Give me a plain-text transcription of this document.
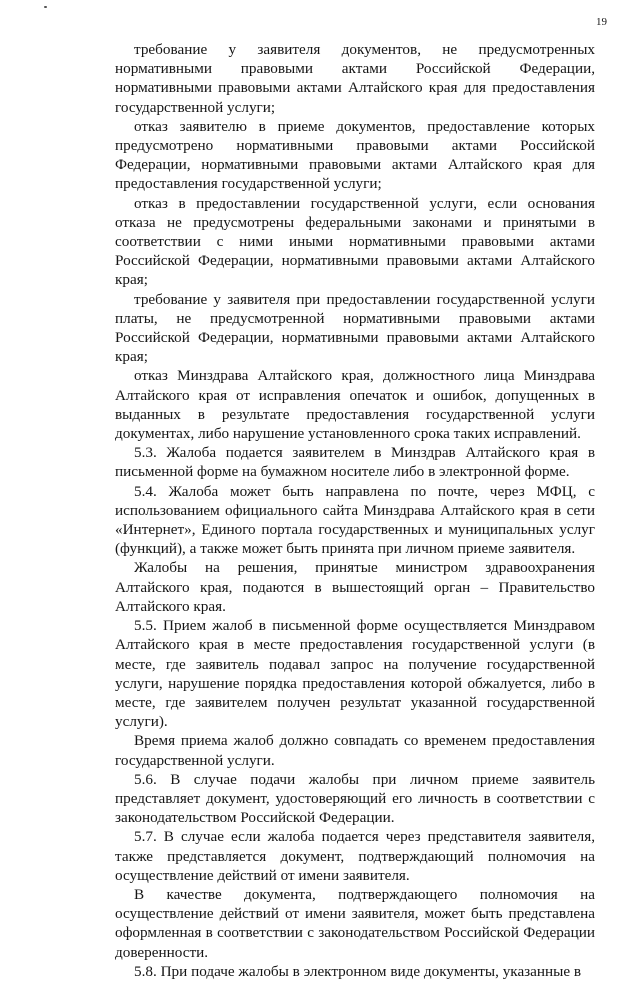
19

требование у заявителя документов, не предусмотренных нормативными правовыми актами Российской Федерации, нормативными правовыми актами Алтайского края для предоставления государственной услуги;

отказ заявителю в приеме документов, предоставление которых предусмотрено нормативными правовыми актами Российской Федерации, нормативными правовыми актами Алтайского края для предоставления государственной услуги;

отказ в предоставлении государственной услуги, если основания отказа не предусмотрены федеральными законами и принятыми в соответствии с ними иными нормативными правовыми актами Российской Федерации, нормативными правовыми актами Алтайского края;

требование у заявителя при предоставлении государственной услуги платы, не предусмотренной нормативными правовыми актами Российской Федерации, нормативными правовыми актами Алтайского края;

отказ Минздрава Алтайского края, должностного лица Минздрава Алтайского края от исправления опечаток и ошибок, допущенных в выданных в результате предоставления государственной услуги документах, либо нарушение установленного срока таких исправлений.

5.3. Жалоба подается заявителем в Минздрав Алтайского края в письменной форме на бумажном носителе либо в электронной форме.

5.4. Жалоба может быть направлена по почте, через МФЦ, с использованием официального сайта Минздрава Алтайского края в сети «Интернет», Единого портала государственных и муниципальных услуг (функций), а также может быть принята при личном приеме заявителя.

Жалобы на решения, принятые министром здравоохранения Алтайского края, подаются в вышестоящий орган – Правительство Алтайского края.

5.5. Прием жалоб в письменной форме осуществляется Минздравом Алтайского края в месте предоставления государственной услуги (в месте, где заявитель подавал запрос на получение государственной услуги, нарушение порядка предоставления которой обжалуется, либо в месте, где заявителем получен результат указанной государственной услуги).

Время приема жалоб должно совпадать со временем предоставления государственной услуги.

5.6. В случае подачи жалобы при личном приеме заявитель представляет документ, удостоверяющий его личность в соответствии с законодательством Российской Федерации.

5.7. В случае если жалоба подается через представителя заявителя, также представляется документ, подтверждающий полномочия на осуществление действий от имени заявителя.

В качестве документа, подтверждающего полномочия на осуществление действий от имени заявителя, может быть представлена оформленная в соответствии с законодательством Российской Федерации доверенности.

5.8. При подаче жалобы в электронном виде документы, указанные в
